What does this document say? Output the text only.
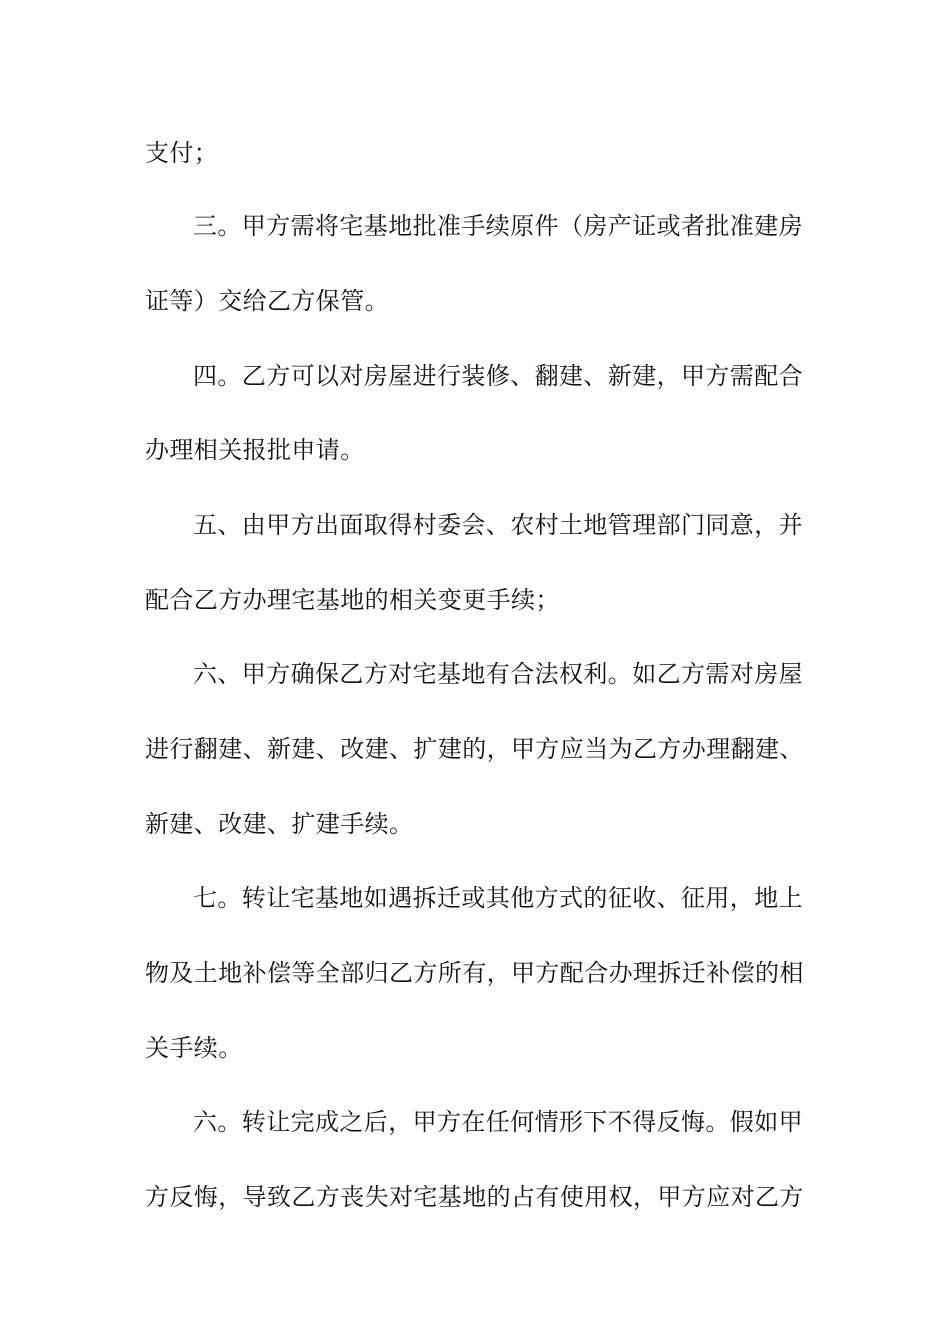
支付；
三。甲方需将宅基地批准手续原件（房产证或者批准建房
证等）交给乙方保管。
四。乙方可以对房屋进行装修、翻建、新建，甲方需配合
办理相关报批申请。
五、由甲方出面取得村委会、农村土地管理部门同意，并
配合乙方办理宅基地的相关变更手续；
六、甲方确保乙方对宅基地有合法权利。如乙方需对房屋
进行翻建、新建、改建、扩建的，甲方应当为乙方办理翻建、
新建、改建、扩建手续。
七。转让宅基地如遇拆迁或其他方式的征收、征用，地上
物及土地补偿等全部归乙方所有，甲方配合办理拆迁补偿的相
关手续。
六。转让完成之后，甲方在任何情形下不得反悔。假如甲
方反悔，导致乙方丧失对宅基地的占有使用权，甲方应对乙方
